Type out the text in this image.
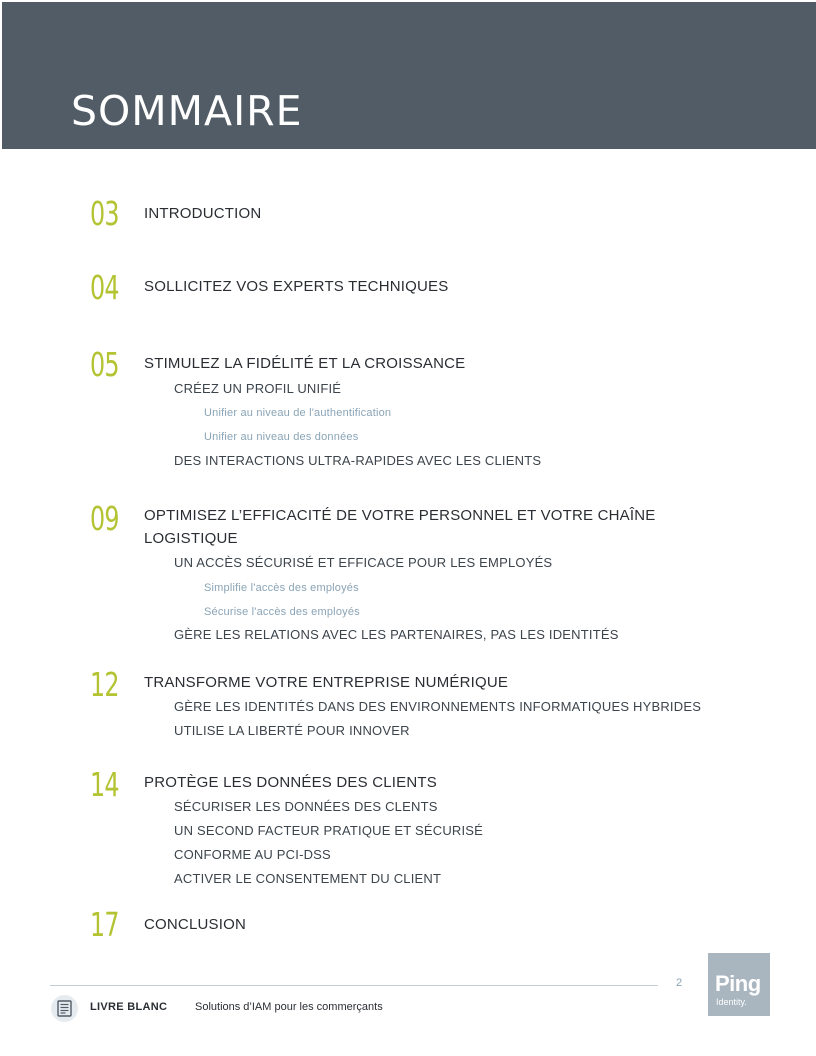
SOMMAIRE
03 INTRODUCTION
04 SOLLICITEZ VOS EXPERTS TECHNIQUES
05 STIMULEZ LA FIDÉLITÉ ET LA CROISSANCE
CRÉEZ UN PROFIL UNIFIÉ
Unifier au niveau de l'authentification
Unifier au niveau des données
DES INTERACTIONS ULTRA-RAPIDES AVEC LES CLIENTS
09 OPTIMISEZ L’EFFICACITÉ DE VOTRE PERSONNEL ET VOTRE CHAÎNE LOGISTIQUE
UN ACCÈS SÉCURISÉ ET EFFICACE POUR LES EMPLOYÉS
Simplifie l'accès des employés
Sécurise l'accès des employés
GÈRE LES RELATIONS AVEC LES PARTENAIRES, PAS LES IDENTITÉS
12 TRANSFORME VOTRE ENTREPRISE NUMÉRIQUE
GÈRE LES IDENTITÉS DANS DES ENVIRONNEMENTS INFORMATIQUES HYBRIDES
UTILISE LA LIBERTÉ POUR INNOVER
14 PROTÈGE LES DONNÉES DES CLIENTS
SÉCURISER LES DONNÉES DES CLENTS
UN SECOND FACTEUR PRATIQUE ET SÉCURISÉ
CONFORME AU PCI-DSS
ACTIVER LE CONSENTEMENT DU CLIENT
17 CONCLUSION
2 Ping
Identity.
LIVRE BLANC	Solutions d’IAM pour les commerçants
